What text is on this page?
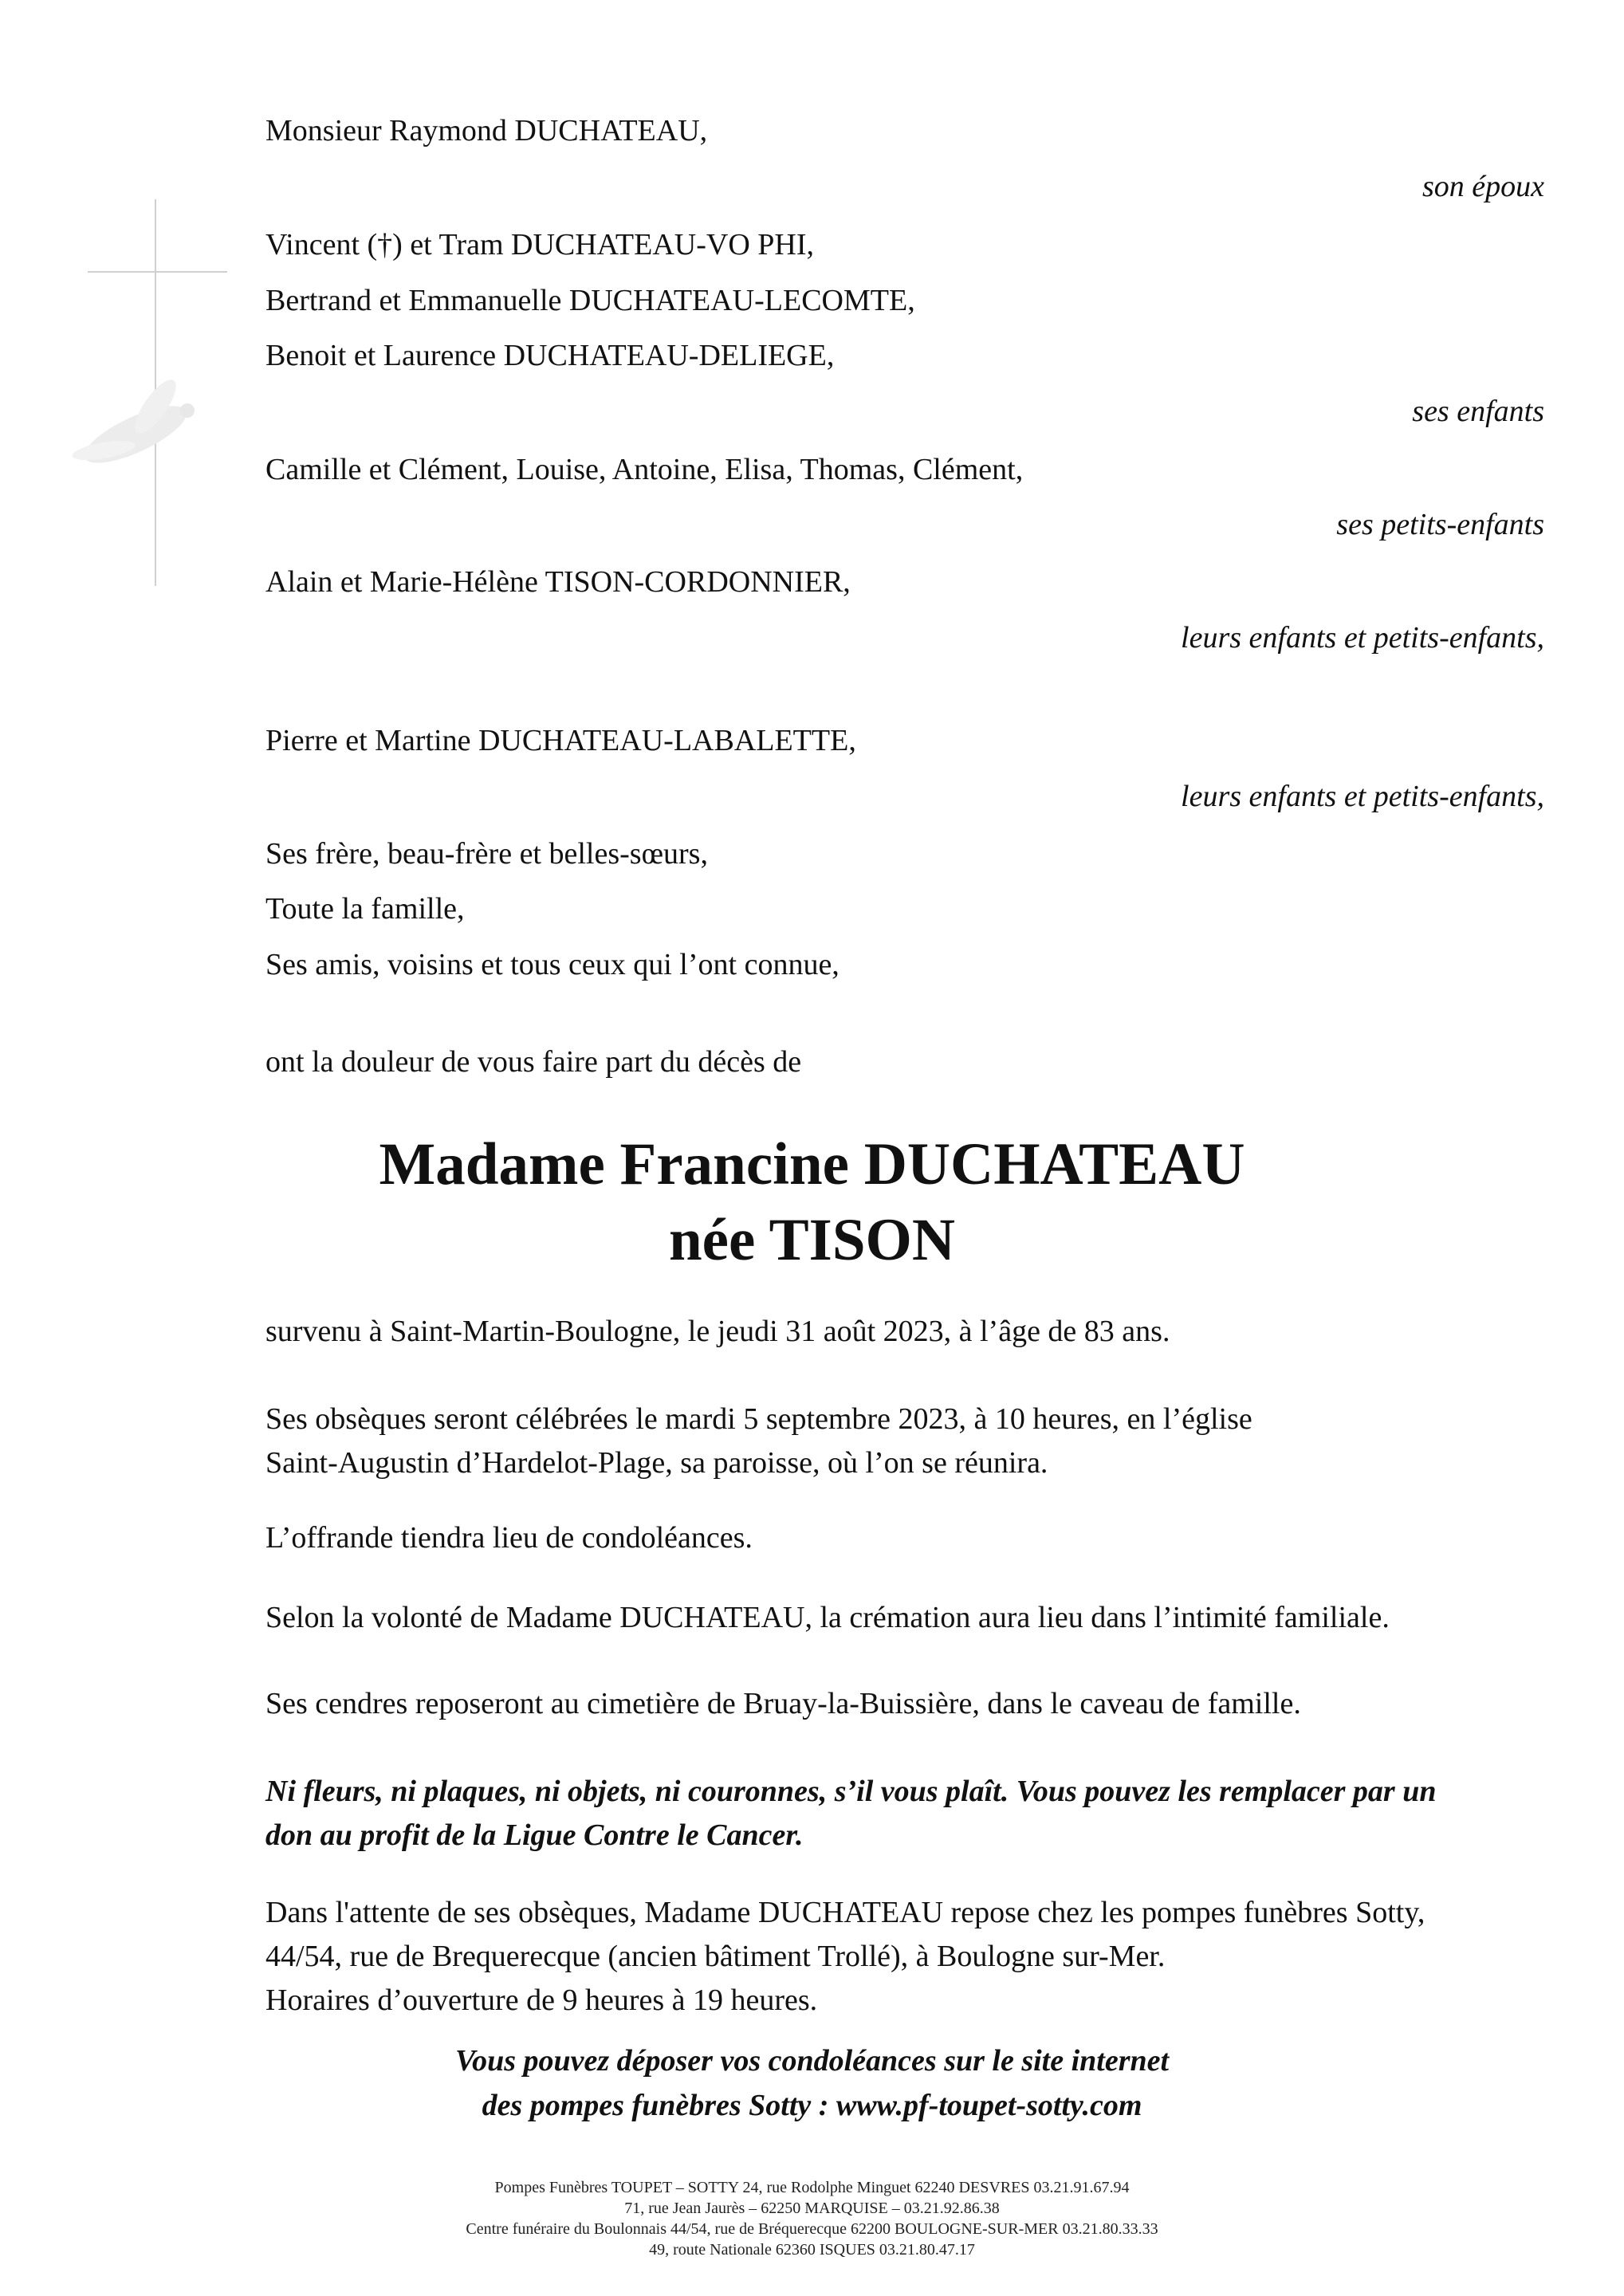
Monsieur Raymond DUCHATEAU,
son époux
Vincent (†) et Tram DUCHATEAU-VO PHI,
Bertrand et Emmanuelle DUCHATEAU-LECOMTE,
Benoit et Laurence DUCHATEAU-DELIEGE,
ses enfants
Camille et Clément, Louise, Antoine, Elisa, Thomas, Clément,
ses petits-enfants
Alain et Marie-Hélène TISON-CORDONNIER,
leurs enfants et petits-enfants,
Pierre et Martine DUCHATEAU-LABALETTE,
leurs enfants et petits-enfants,
Ses frère, beau-frère et belles-sœurs,
Toute la famille,
Ses amis, voisins et tous ceux qui l’ont connue,
ont la douleur de vous faire part du décès de
Madame Francine DUCHATEAU
née TISON
survenu à Saint-Martin-Boulogne, le jeudi 31 août 2023, à l’âge de 83 ans.
Ses obsèques seront célébrées le mardi 5 septembre 2023, à 10 heures, en l’église
Saint-Augustin d’Hardelot-Plage, sa paroisse, où l’on se réunira.
L’offrande tiendra lieu de condoléances.
Selon la volonté de Madame DUCHATEAU, la crémation aura lieu dans l’intimité familiale.
Ses cendres reposeront au cimetière de Bruay-la-Buissière, dans le caveau de famille.
Ni fleurs, ni plaques, ni objets, ni couronnes, s’il vous plaît. Vous pouvez les remplacer par un
don au profit de la Ligue Contre le Cancer.
Dans l'attente de ses obsèques, Madame DUCHATEAU repose chez les pompes funèbres Sotty,
44/54, rue de Brequerecque (ancien bâtiment Trollé), à Boulogne sur-Mer.
Horaires d’ouverture de 9 heures à 19 heures.
Vous pouvez déposer vos condoléances sur le site internet
des pompes funèbres Sotty : www.pf-toupet-sotty.com
Pompes Funèbres TOUPET – SOTTY 24, rue Rodolphe Minguet 62240 DESVRES 03.21.91.67.94
71, rue Jean Jaurès – 62250 MARQUISE – 03.21.92.86.38
Centre funéraire du Boulonnais 44/54, rue de Bréquerecque 62200 BOULOGNE-SUR-MER 03.21.80.33.33
49, route Nationale 62360 ISQUES 03.21.80.47.17
